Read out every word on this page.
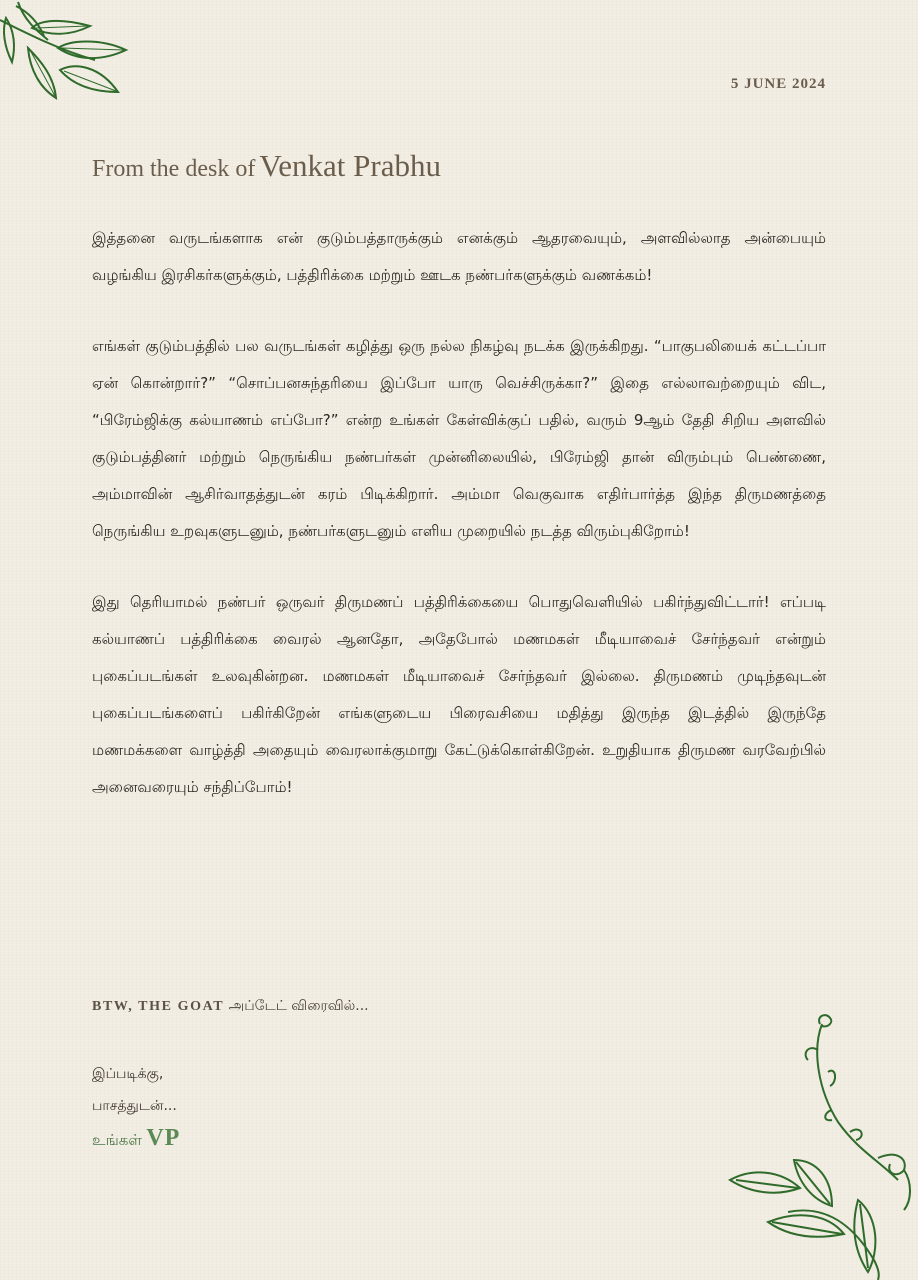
5 JUNE 2024
From the desk of Venkat Prabhu

இத்தனை வருடங்களாக என் குடும்பத்தாருக்கும் எனக்கும் ஆதரவையும், அளவில்லாத அன்பையும் வழங்கிய இரசிகர்களுக்கும், பத்திரிக்கை மற்றும் ஊடக நண்பர்களுக்கும் வணக்கம்!

எங்கள் குடும்பத்தில் பல வருடங்கள் கழித்து ஒரு நல்ல நிகழ்வு நடக்க இருக்கிறது. “பாகுபலியைக் கட்டப்பா ஏன் கொன்றார்?” “சொப்பனசுந்தரியை இப்போ யாரு வெச்சிருக்கா?” இதை எல்லாவற்றையும் விட, “பிரேம்ஜிக்கு கல்யாணம் எப்போ?” என்ற உங்கள் கேள்விக்குப் பதில், வரும் 9ஆம் தேதி சிறிய அளவில் குடும்பத்தினர் மற்றும் நெருங்கிய நண்பர்கள் முன்னிலையில், பிரேம்ஜி தான் விரும்பும் பெண்ணை, அம்மாவின் ஆசிர்வாதத்துடன் கரம் பிடிக்கிறார். அம்மா வெகுவாக எதிர்பார்த்த இந்த திருமணத்தை நெருங்கிய உறவுகளுடனும், நண்பர்களுடனும் எளிய முறையில் நடத்த விரும்புகிறோம்!

இது தெரியாமல் நண்பர் ஒருவர் திருமணப் பத்திரிக்கையை பொதுவெளியில் பகிர்ந்துவிட்டார்! எப்படி கல்யாணப் பத்திரிக்கை வைரல் ஆனதோ, அதேபோல் மணமகள் மீடியாவைச் சேர்ந்தவர் என்றும் புகைப்படங்கள் உலவுகின்றன. மணமகள் மீடியாவைச் சேர்ந்தவர் இல்லை. திருமணம் முடிந்தவுடன் புகைப்படங்களைப் பகிர்கிறேன் எங்களுடைய பிரைவசியை மதித்து இருந்த இடத்தில் இருந்தே மணமக்களை வாழ்த்தி அதையும் வைரலாக்குமாறு கேட்டுக்கொள்கிறேன். உறுதியாக திருமண வரவேற்பில் அனைவரையும் சந்திப்போம்!

BTW, THE GOAT அப்டேட் விரைவில்...
இப்படிக்கு,
பாசத்துடன்...
உங்கள் VP
